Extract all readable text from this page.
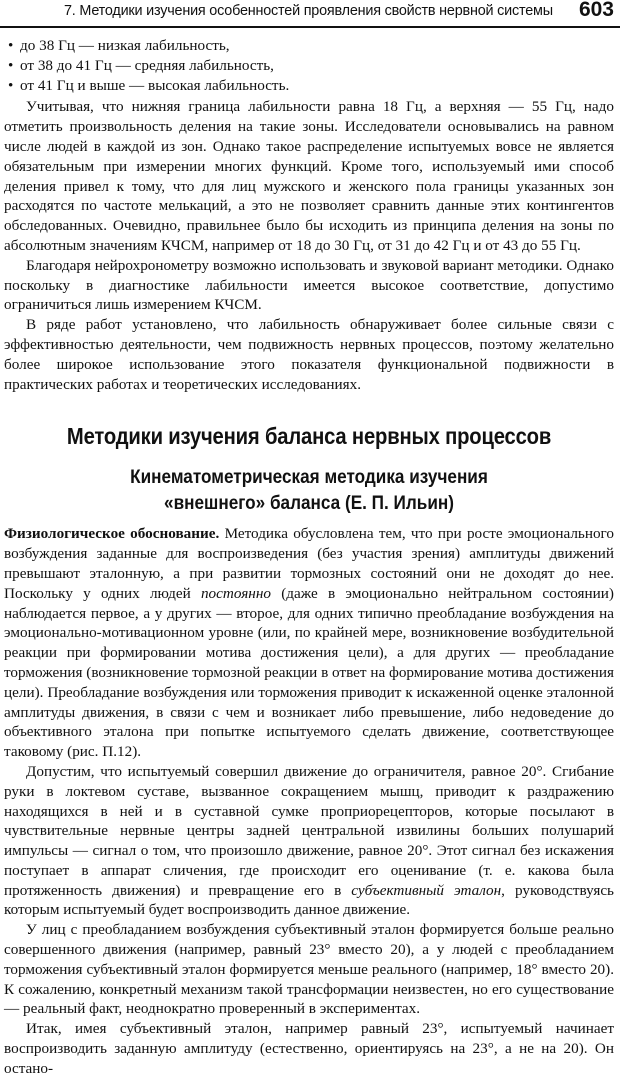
7. Методики изучения особенностей проявления свойств нервной системы 603
• до 38 Гц — низкая лабильность,
• от 38 до 41 Гц — средняя лабильность,
• от 41 Гц и выше — высокая лабильность.

Учитывая, что нижняя граница лабильности равна 18 Гц, а верхняя — 55 Гц, надо отметить произвольность деления на такие зоны. Исследователи основывались на равном числе людей в каждой из зон. Однако такое распределение испытуемых вовсе не является обязательным при измерении многих функций. Кроме того, используемый ими способ деления привел к тому, что для лиц мужского и женского пола границы указанных зон расходятся по частоте мелькаций, а это не позволяет сравнить данные этих контингентов обследованных. Очевидно, правильнее было бы исходить из принципа деления на зоны по абсолютным значениям КЧСМ, например от 18 до 30 Гц, от 31 до 42 Гц и от 43 до 55 Гц.

Благодаря нейрохронометру возможно использовать и звуковой вариант методики. Однако поскольку в диагностике лабильности имеется высокое соответствие, допустимо ограничиться лишь измерением КЧСМ.

В ряде работ установлено, что лабильность обнаруживает более сильные связи с эффективностью деятельности, чем подвижность нервных процессов, поэтому желательно более широкое использование этого показателя функциональной подвижности в практических работах и теоретических исследованиях.

Методики изучения баланса нервных процессов
Кинематометрическая методика изучения
«внешнего» баланса (Е. П. Ильин)

Физиологическое обоснование. Методика обусловлена тем, что при росте эмоционального возбуждения заданные для воспроизведения (без участия зрения) амплитуды движений превышают эталонную, а при развитии тормозных состояний они не доходят до нее. Поскольку у одних людей постоянно (даже в эмоционально нейтральном состоянии) наблюдается первое, а у других — второе, для одних типично преобладание возбуждения на эмоционально-мотивационном уровне (или, по крайней мере, возникновение возбудительной реакции при формировании мотива достижения цели), а для других — преобладание торможения (возникновение тормозной реакции в ответ на формирование мотива достижения цели). Преобладание возбуждения или торможения приводит к искаженной оценке эталонной амплитуды движения, в связи с чем и возникает либо превышение, либо недоведение до объективного эталона при попытке испытуемого сделать движение, соответствующее таковому (рис. П.12).

Допустим, что испытуемый совершил движение до ограничителя, равное 20°. Сгибание руки в локтевом суставе, вызванное сокращением мышц, приводит к раздражению находящихся в ней и в суставной сумке проприорецепторов, которые посылают в чувствительные нервные центры задней центральной извилины больших полушарий импульсы — сигнал о том, что произошло движение, равное 20°. Этот сигнал без искажения поступает в аппарат сличения, где происходит его оценивание (т. е. какова была протяженность движения) и превращение его в субъективный эталон, руководствуясь которым испытуемый будет воспроизводить данное движение.

У лиц с преобладанием возбуждения субъективный эталон формируется больше реально совершенного движения (например, равный 23° вместо 20), а у людей с преобладанием торможения субъективный эталон формируется меньше реального (например, 18° вместо 20). К сожалению, конкретный механизм такой трансформации неизвестен, но его существование — реальный факт, неоднократно проверенный в экспериментах.

Итак, имея субъективный эталон, например равный 23°, испытуемый начинает воспроизводить заданную амплитуду (естественно, ориентируясь на 23°, а не на 20). Он остано-
